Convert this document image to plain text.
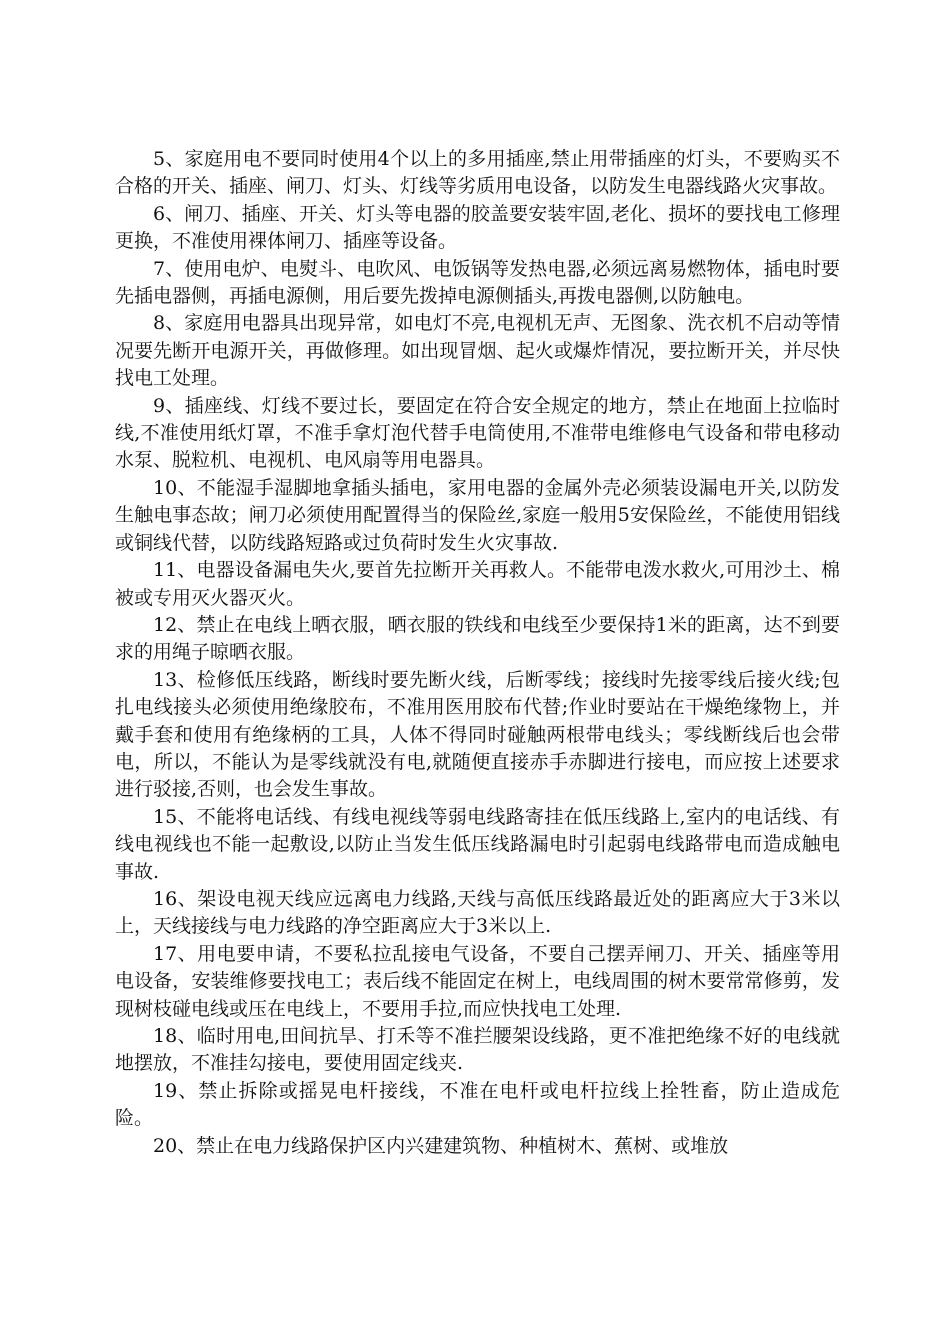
5、家庭用电不要同时使用4个以上的多用插座,禁止用带插座的灯头，不要购买不合格的开关、插座、闸刀、灯头、灯线等劣质用电设备，以防发生电器线路火灾事故。

6、闸刀、插座、开关、灯头等电器的胶盖要安装牢固,老化、损坏的要找电工修理更换，不准使用裸体闸刀、插座等设备。

7、使用电炉、电熨斗、电吹风、电饭锅等发热电器,必须远离易燃物体，插电时要先插电器侧，再插电源侧，用后要先拨掉电源侧插头,再拨电器侧,以防触电。

8、家庭用电器具出现异常，如电灯不亮,电视机无声、无图象、洗衣机不启动等情况要先断开电源开关，再做修理。如出现冒烟、起火或爆炸情况，要拉断开关，并尽快找电工处理。

9、插座线、灯线不要过长，要固定在符合安全规定的地方，禁止在地面上拉临时线,不准使用纸灯罩，不准手拿灯泡代替手电筒使用,不准带电维修电气设备和带电移动水泵、脱粒机、电视机、电风扇等用电器具。

10、不能湿手湿脚地拿插头插电，家用电器的金属外壳必须装设漏电开关,以防发生触电事态故；闸刀必须使用配置得当的保险丝,家庭一般用5安保险丝，不能使用铝线或铜线代替，以防线路短路或过负荷时发生火灾事故.

11、电器设备漏电失火,要首先拉断开关再救人。不能带电泼水救火,可用沙土、棉被或专用灭火器灭火。

12、禁止在电线上晒衣服，晒衣服的铁线和电线至少要保持1米的距离，达不到要求的用绳子晾晒衣服。

13、检修低压线路，断线时要先断火线，后断零线；接线时先接零线后接火线;包扎电线接头必须使用绝缘胶布，不准用医用胶布代替;作业时要站在干燥绝缘物上，并戴手套和使用有绝缘柄的工具，人体不得同时碰触两根带电线头；零线断线后也会带电，所以，不能认为是零线就没有电,就随便直接赤手赤脚进行接电，而应按上述要求进行驳接,否则，也会发生事故。

15、不能将电话线、有线电视线等弱电线路寄挂在低压线路上,室内的电话线、有线电视线也不能一起敷设,以防止当发生低压线路漏电时引起弱电线路带电而造成触电事故.

16、架设电视天线应远离电力线路,天线与高低压线路最近处的距离应大于3米以上，天线接线与电力线路的净空距离应大于3米以上.

17、用电要申请，不要私拉乱接电气设备，不要自己摆弄闸刀、开关、插座等用电设备，安装维修要找电工；表后线不能固定在树上，电线周围的树木要常常修剪，发现树枝碰电线或压在电线上，不要用手拉,而应快找电工处理.

18、临时用电,田间抗旱、打禾等不准拦腰架设线路，更不准把绝缘不好的电线就地摆放，不准挂勾接电，要使用固定线夹.

19、禁止拆除或摇晃电杆接线，不准在电杆或电杆拉线上拴牲畜，防止造成危险。

20、禁止在电力线路保护区内兴建建筑物、种植树木、蕉树、或堆放
